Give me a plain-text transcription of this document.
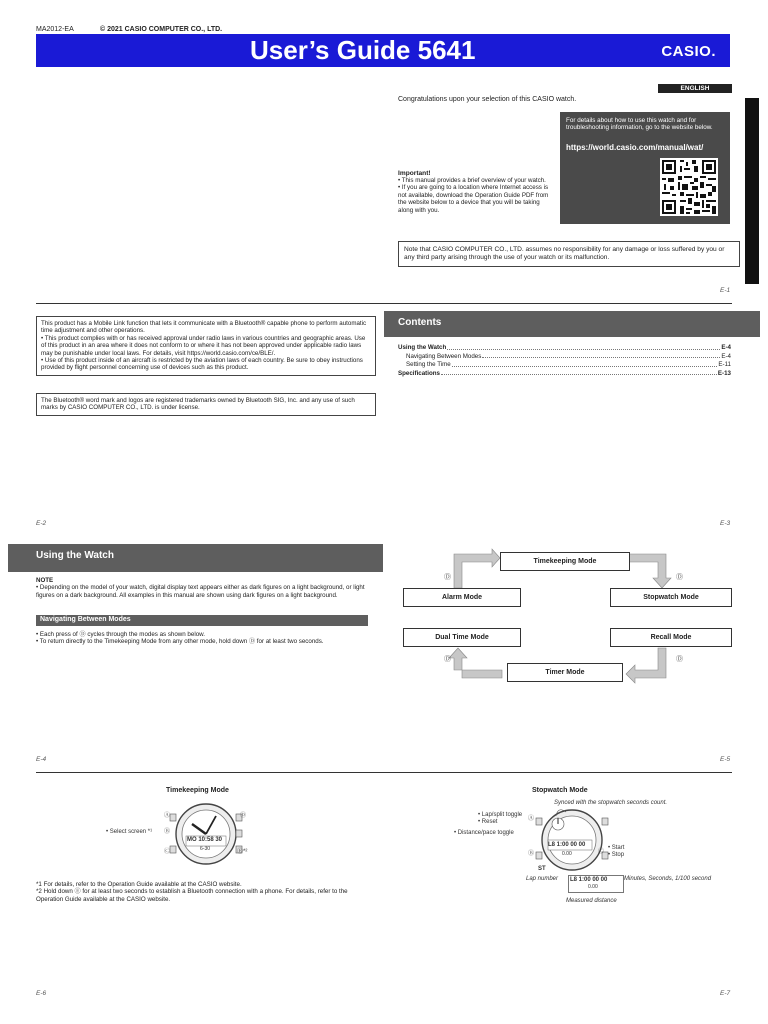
MA2012-EA	© 2021 CASIO COMPUTER CO., LTD.
User’s Guide 5641	CASIO.
ENGLISH
Congratulations upon your selection of this CASIO watch.
For details about how to use this watch and for troubleshooting information, go to the website below.
https://world.casio.com/manual/wat/
Important!
• This manual provides a brief overview of your watch.
• If you are going to a location where Internet access is not available, download the Operation Guide PDF from the website below to a device that you will be taking along with you.
Note that CASIO COMPUTER CO., LTD. assumes no responsibility for any damage or loss suffered by you or any third party arising through the use of your watch or its malfunction.
E-1
This product has a Mobile Link function that lets it communicate with a Bluetooth® capable phone to perform automatic time adjustment and other operations.
• This product complies with or has received approval under radio laws in various countries and geographic areas. Use of this product in an area where it does not conform to or where it has not been approved under applicable radio laws may be punishable under local laws. For details, visit https://world.casio.com/ce/BLE/.
• Use of this product inside of an aircraft is restricted by the aviation laws of each country. Be sure to obey instructions provided by flight personnel concerning use of devices such as this product.
The Bluetooth® word mark and logos are registered trademarks owned by Bluetooth SIG, Inc. and any use of such marks by CASIO COMPUTER CO., LTD. is under license.
E-2
Contents
Using the Watch	E-4
Navigating Between Modes	E-4
Setting the Time	E-11
Specifications	E-13
E-3
Using the Watch
NOTE
• Depending on the model of your watch, digital display text appears either as dark figures on a light background, or light figures on a dark background. All examples in this manual are shown using dark figures on a light background.
Navigating Between Modes
• Each press of Ⓓ cycles through the modes as shown below.
• To return directly to the Timekeeping Mode from any other mode, hold down Ⓓ for at least two seconds.
E-4
Timekeeping Mode
Alarm Mode	Stopwatch Mode
Dual Time Mode	Recall Mode
Timer Mode
Ⓓ	Ⓓ
Ⓓ	Ⓓ
E-5
Timekeeping Mode
MO 10:58 30
6-30
Ⓐ
Ⓑ
Ⓒ
Ⓓ
Ⓔ*²
• Select screen *¹
*1 For details, refer to the Operation Guide available at the CASIO website.
*2 Hold down Ⓔ for at least two seconds to establish a Bluetooth connection with a phone. For details, refer to the Operation Guide available at the CASIO website.
E-6
Stopwatch Mode
Synced with the stopwatch seconds count.
L8 1:00 00 00
0.00
ST
Ⓐ
Ⓑ	Ⓒ
• Lap/split toggle
• Reset
• Distance/pace toggle
• Start
• Stop
Lap number L8 1:00 00 00
0.00
Minutes, Seconds, 1/100 second
Measured distance
E-7
